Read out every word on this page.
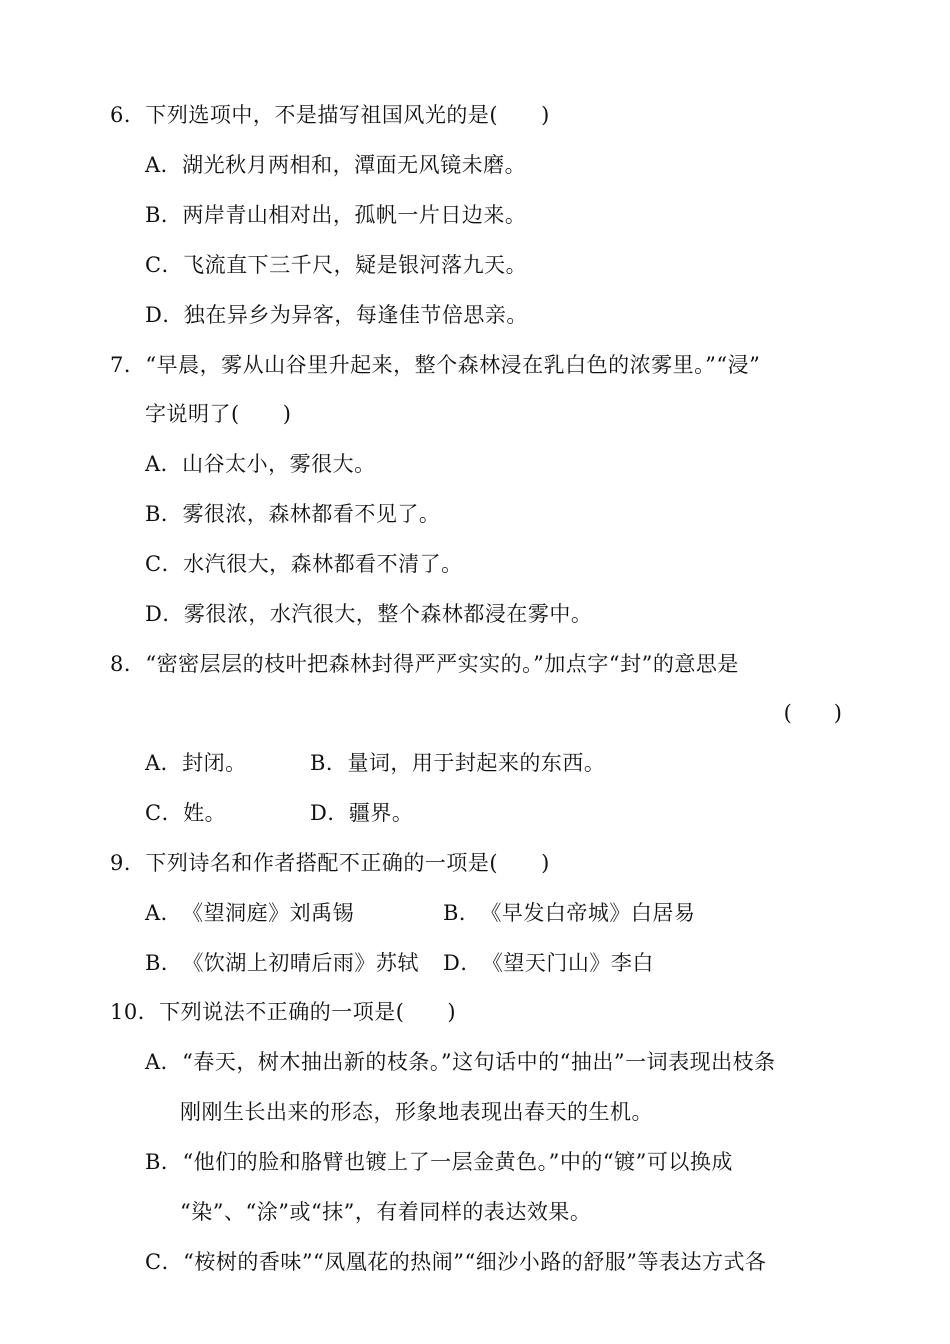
6．下列选项中，不是描写祖国风光的是(　　)
A．湖光秋月两相和，潭面无风镜未磨。
B．两岸青山相对出，孤帆一片日边来。
C．飞流直下三千尺，疑是银河落九天。
D．独在异乡为异客，每逢佳节倍思亲。
7．“早晨，雾从山谷里升起来，整个森林浸在乳白色的浓雾里。”“浸”
字说明了(　　)
A．山谷太小，雾很大。
B．雾很浓，森林都看不见了。
C．水汽很大，森林都看不清了。
D．雾很浓，水汽很大，整个森林都浸在雾中。
8．“密密层层的枝叶把森林封得严严实实的。”加点字“封”的意思是
(　　)
A．封闭。	B．量词，用于封起来的东西。
C．姓。	D．疆界。
9．下列诗名和作者搭配不正确的一项是(　　)
A．《望洞庭》刘禹锡	B．《早发白帝城》白居易
B．《饮湖上初晴后雨》苏轼 D．《望天门山》李白
10．下列说法不正确的一项是(　　)
A．“春天，树木抽出新的枝条。”这句话中的“抽出”一词表现出枝条
刚刚生长出来的形态，形象地表现出春天的生机。
B．“他们的脸和胳臂也镀上了一层金黄色。”中的“镀”可以换成
“染”、“涂”或“抹”，有着同样的表达效果。
C．“桉树的香味”“凤凰花的热闹”“细沙小路的舒服”等表达方式各
